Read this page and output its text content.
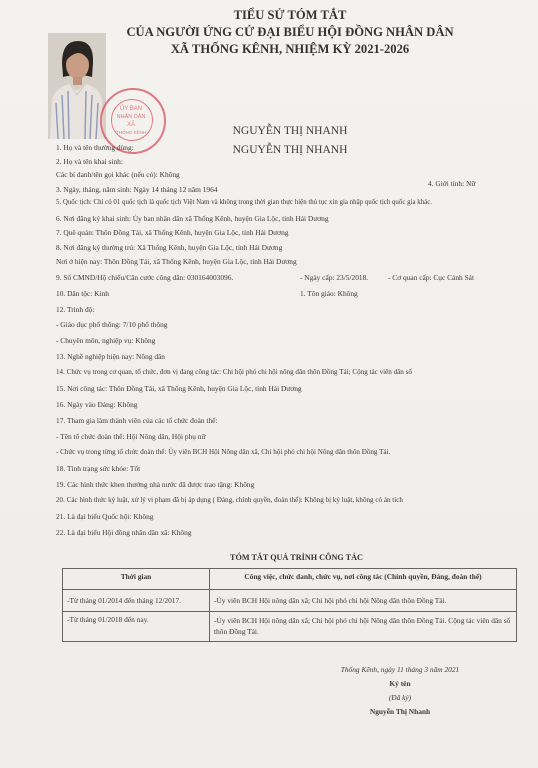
ỦY BAN
NHÂN DÂN
XÃ
THỐNG KÊNH
TIỂU SỬ TÓM TẮT
CỦA NGƯỜI ỨNG CỬ ĐẠI BIỂU HỘI ĐỒNG NHÂN DÂN
XÃ THỐNG KÊNH, NHIỆM KỲ 2021-2026
NGUYỄN THỊ NHANH
NGUYỄN THỊ NHANH
1. Họ và tên thường dùng:
2. Họ và tên khai sinh:
Các bí danh/tên gọi khác (nếu có): Không
3. Ngày, tháng, năm sinh: Ngày 14 tháng 12 năm 1964
4. Giới tính: Nữ
5. Quốc tịch: Chỉ có 01 quốc tịch là quốc tịch Việt Nam và không trong thời gian thực hiện thủ tục xin gia nhập quốc tịch quốc gia khác.
6. Nơi đăng ký khai sinh: Ủy ban nhân dân xã Thống Kênh, huyện Gia Lộc, tỉnh Hải Dương
7. Quê quán: Thôn Đồng Tái, xã Thống Kênh, huyện Gia Lộc, tỉnh Hải Dương
8. Nơi đăng ký thường trú: Xã Thống Kênh, huyện Gia Lộc, tỉnh Hải Dương
Nơi ở hiện nay: Thôn Đồng Tái, xã Thống Kênh, huyện Gia Lộc, tỉnh Hải Dương
9. Số CMND/Hộ chiếu/Căn cước công dân: 030164003096.	- Ngày cấp: 23/5/2018.	- Cơ quan cấp: Cục Cảnh Sát
10. Dân tộc: Kinh	1. Tôn giáo: Không
12. Trình độ:
- Giáo dục phổ thông: 7/10 phổ thông
- Chuyên môn, nghiệp vụ: Không
13. Nghề nghiệp hiện nay: Nông dân
14. Chức vụ trong cơ quan, tổ chức, đơn vị đang công tác: Chi hội phó chi hội nông dân thôn Đồng Tái; Cộng tác viên dân số
15. Nơi công tác: Thôn Đồng Tái, xã Thống Kênh, huyện Gia Lộc, tỉnh Hải Dương
16. Ngày vào Đảng: Không
17. Tham gia làm thành viên của các tổ chức đoàn thể:
- Tên tổ chức đoàn thể: Hội Nông dân, Hội phụ nữ
- Chức vụ trong từng tổ chức đoàn thể: Ủy viên BCH Hội Nông dân xã, Chi hội phó chi hội Nông dân thôn Đồng Tái.
18. Tình trạng sức khỏe: Tốt
19. Các hình thức khen thưởng nhà nước đã được trao tặng: Không
20. Các hình thức kỷ luật, xử lý vi phạm đã bị áp dụng ( Đảng, chính quyền, đoàn thể): Không bị kỷ luật, không có án tích
21. Là đại biểu Quốc hội: Không
22. Là đại biểu Hội đồng nhân dân xã: Không
TÓM TẮT QUÁ TRÌNH CÔNG TÁC
Thời gian	Công việc, chức danh, chức vụ, nơi công tác (Chính quyền, Đảng, đoàn thể)
-Từ tháng 01/2014 đến tháng 12/2017.	-Ủy viên BCH Hội nông dân xã; Chi hội phó chi hội Nông dân thôn Đồng Tái.
-Từ tháng 01/2018 đến nay.	-Ủy viên BCH Hội nông dân xã; Chi hội phó chi hội Nông dân thôn Đồng Tái. Cộng tác viên dân số thôn Đồng Tái.
Thống Kênh, ngày 11 tháng 3 năm 2021
Ký tên
(Đã ký)
Nguyễn Thị Nhanh
